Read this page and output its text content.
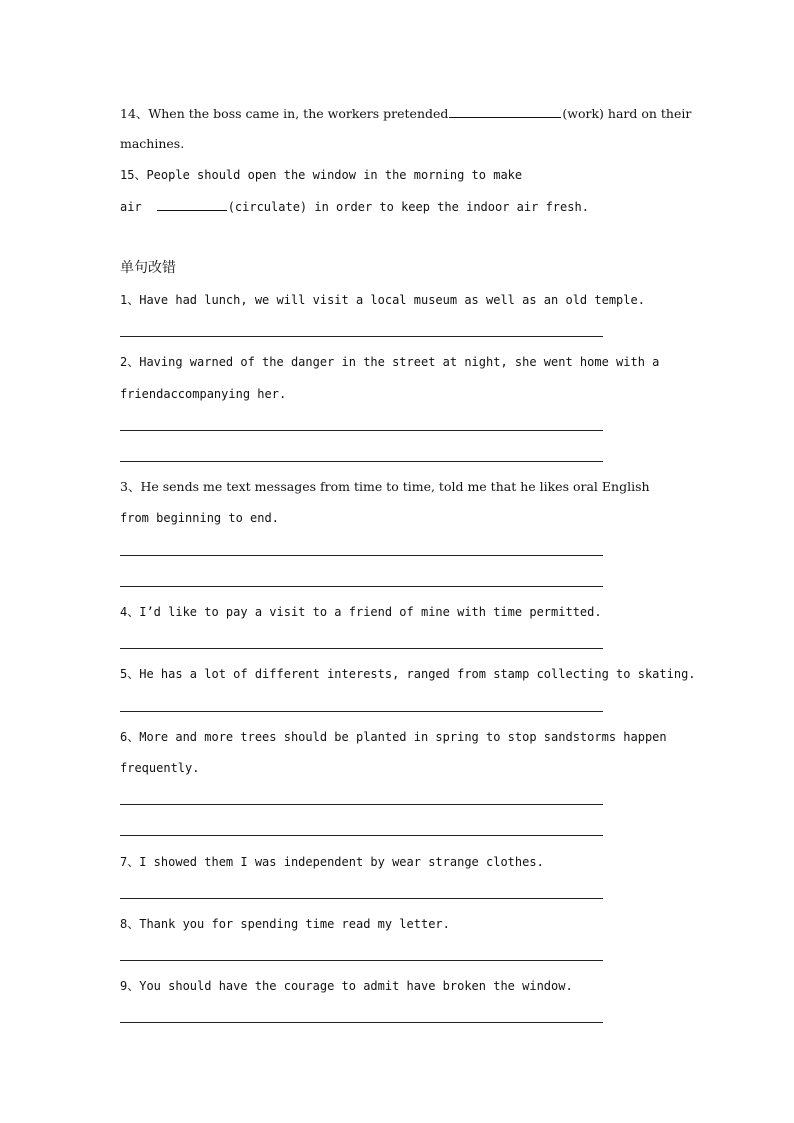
14、When the boss came in, the workers pretended	(work) hard on their
machines.
15、People should open the window in the morning to make
air	(circulate) in order to keep the indoor air fresh.
单句改错
1、Have had lunch, we will visit a local museum as well as an old temple.
2、Having warned of the danger in the street at night, she went home with a
friendaccompanying her.
3、He sends me text messages from time to time, told me that he likes oral English
from beginning to end.
4、I’d like to pay a visit to a friend of mine with time permitted.
5、He has a lot of different interests, ranged from stamp collecting to skating.
6、More and more trees should be planted in spring to stop sandstorms happen
frequently.
7、I showed them I was independent by wear strange clothes.
8、Thank you for spending time read my letter.
9、You should have the courage to admit have broken the window.
